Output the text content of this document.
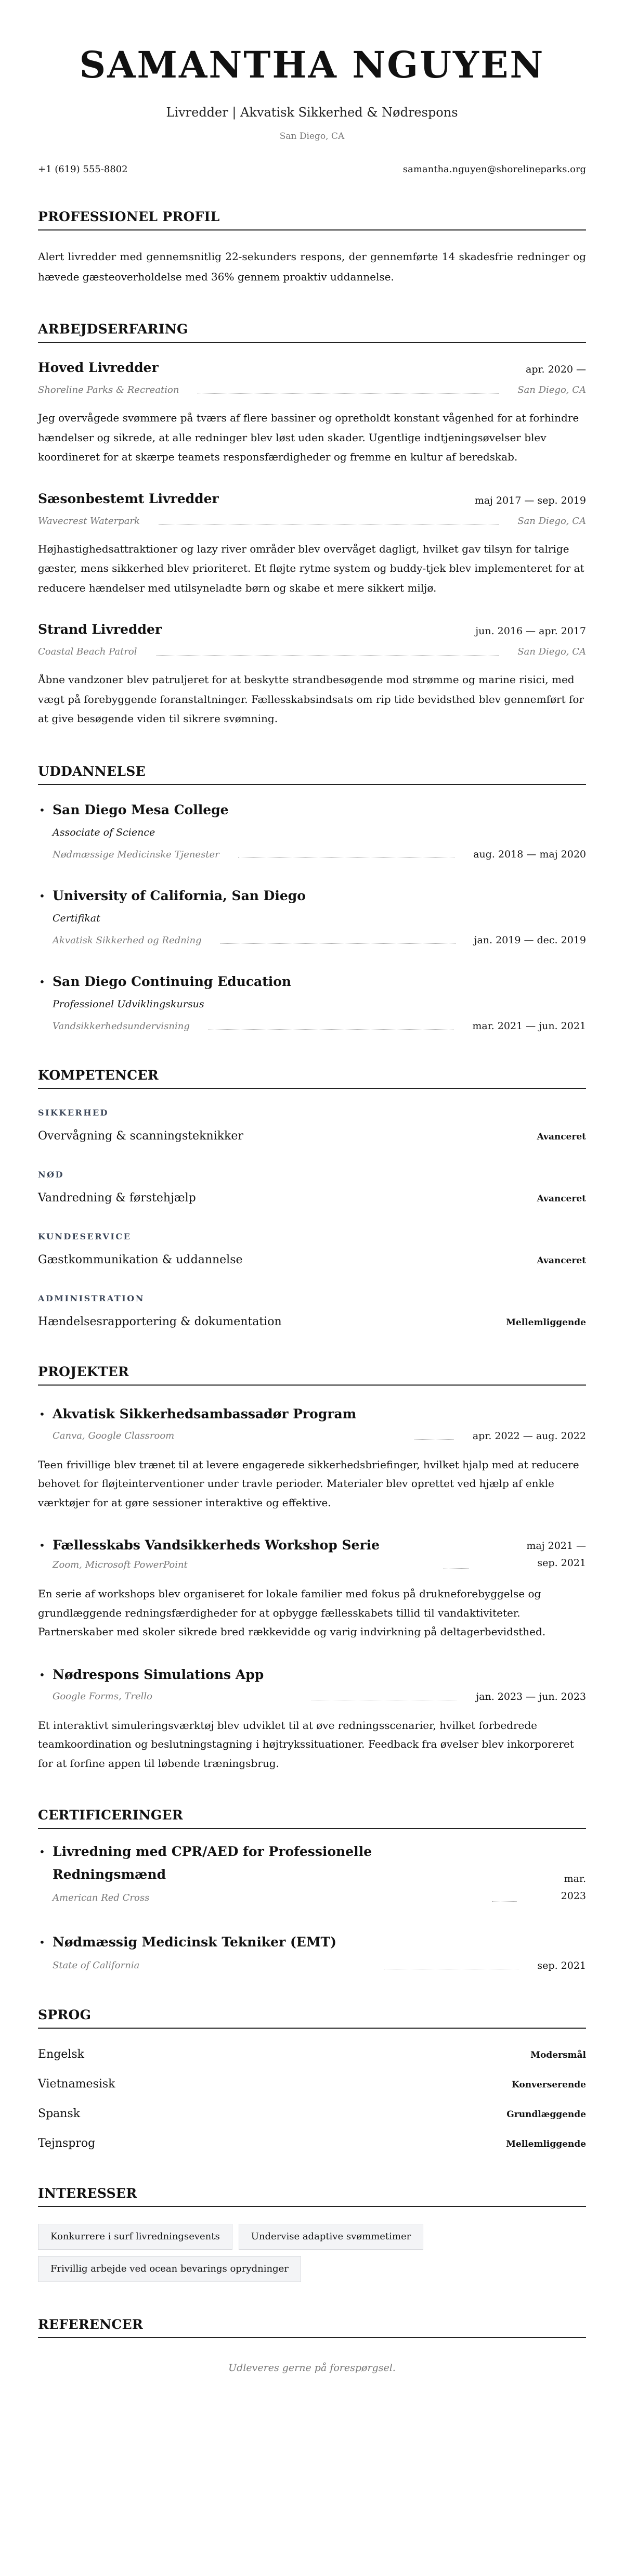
SAMANTHA NGUYEN
Livredder | Akvatisk Sikkerhed & Nødrespons
San Diego, CA
+1 (619) 555-8802	samantha.nguyen@shorelineparks.org
PROFESSIONEL PROFIL

Alert livredder med gennemsnitlig 22-sekunders respons, der gennemførte 14 skadesfrie redninger og hævede gæsteoverholdelse med 36% gennem proaktiv uddannelse.

ARBEJDSERFARING
Hoved Livredder	apr. 2020 —
Shoreline Parks & Recreation	San Diego, CA

Jeg overvågede svømmere på tværs af flere bassiner og opretholdt konstant vågenhed for at forhindre hændelser og sikrede, at alle redninger blev løst uden skader. Ugentlige indtjeningsøvelser blev koordineret for at skærpe teamets responsfærdigheder og fremme en kultur af beredskab.

Sæsonbestemt Livredder	maj 2017 — sep. 2019
Wavecrest Waterpark	San Diego, CA

Højhastighedsattraktioner og lazy river områder blev overvåget dagligt, hvilket gav tilsyn for talrige gæster, mens sikkerhed blev prioriteret. Et fløjte rytme system og buddy-tjek blev implementeret for at reducere hændelser med utilsyneladte børn og skabe et mere sikkert miljø.

Strand Livredder	jun. 2016 — apr. 2017
Coastal Beach Patrol	San Diego, CA

Åbne vandzoner blev patruljeret for at beskytte strandbesøgende mod strømme og marine risici, med vægt på forebyggende foranstaltninger. Fællesskabsindsats om rip tide bevidsthed blev gennemført for at give besøgende viden til sikrere svømning.

UDDANNELSE
• San Diego Mesa College
Associate of Science
Nødmæssige Medicinske Tjenester	aug. 2018 — maj 2020
• University of California, San Diego
Certifikat
Akvatisk Sikkerhed og Redning	jan. 2019 — dec. 2019
• San Diego Continuing Education
Professionel Udviklingskursus
Vandsikkerhedsundervisning	mar. 2021 — jun. 2021
KOMPETENCER
SIKKERHED
Overvågning & scanningsteknikker	Avanceret
NØD
Vandredning & førstehjælp	Avanceret
KUNDESERVICE
Gæstkommunikation & uddannelse	Avanceret
ADMINISTRATION
Hændelsesrapportering & dokumentation	Mellemliggende
PROJEKTER
• Akvatisk Sikkerhedsambassadør Program
Canva, Google Classroom	apr. 2022 — aug. 2022

Teen frivillige blev trænet til at levere engagerede sikkerhedsbriefinger, hvilket hjalp med at reducere behovet for fløjteinterventioner under travle perioder. Materialer blev oprettet ved hjælp af enkle værktøjer for at gøre sessioner interaktive og effektive.

• Fællesskabs Vandsikkerheds Workshop Serie
Zoom, Microsoft PowerPoint
maj 2021 — sep. 2021

En serie af workshops blev organiseret for lokale familier med fokus på drukneforebyggelse og grundlæggende redningsfærdigheder for at opbygge fællesskabets tillid til vandaktiviteter. Partnerskaber med skoler sikrede bred rækkevidde og varig indvirkning på deltagerbevidsthed.

• Nødrespons Simulations App
Google Forms, Trello	jan. 2023 — jun. 2023

Et interaktivt simuleringsværktøj blev udviklet til at øve redningsscenarier, hvilket forbedrede teamkoordination og beslutningstagning i højtrykssituationer. Feedback fra øvelser blev inkorporeret for at forfine appen til løbende træningsbrug.

CERTIFICERINGER
• Livredning med CPR/AED for Professionelle Redningsmænd
American Red Cross
mar. 2023
• Nødmæssig Medicinsk Tekniker (EMT)
State of California	sep. 2021
SPROG
Engelsk	Modersmål
Vietnamesisk	Konverserende
Spansk	Grundlæggende
Tejnsprog	Mellemliggende
INTERESSER
Konkurrere i surf livredningsevents	Undervise adaptive svømmetimer
Frivillig arbejde ved ocean bevarings oprydninger
REFERENCER

Udleveres gerne på forespørgsel.
